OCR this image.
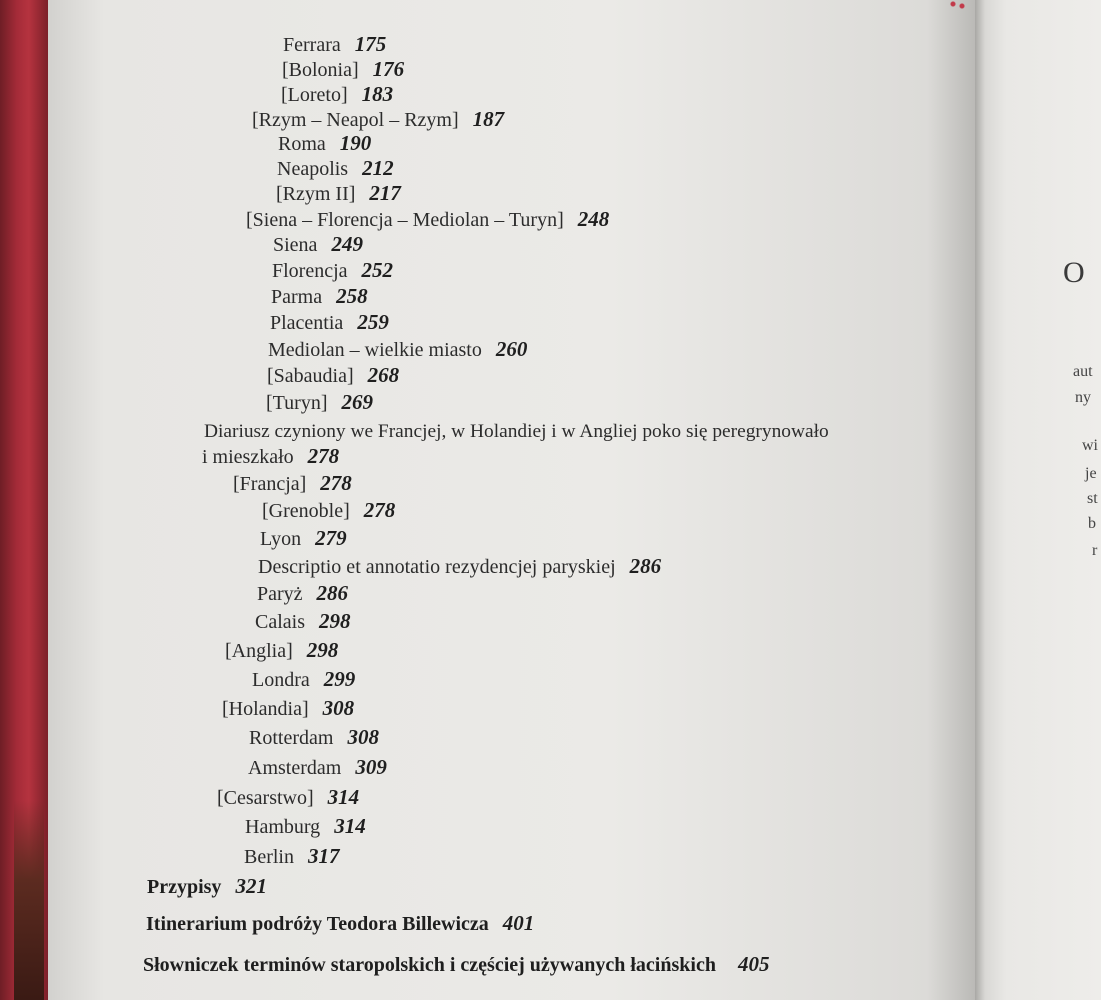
Ferrara 175
[Bolonia] 176
[Loreto] 183
[Rzym – Neapol – Rzym] 187
Roma 190
Neapolis 212
[Rzym II] 217
[Siena – Florencja – Mediolan – Turyn] 248
Siena 249
Florencja 252
Parma 258
Placentia 259
Mediolan – wielkie miasto 260
[Sabaudia] 268
[Turyn] 269
Diariusz czyniony we Francjej, w Holandiej i w Angliej poko się peregrynowało
i mieszkało 278
[Francja] 278
[Grenoble] 278
Lyon 279
Descriptio et annotatio rezydencjej paryskiej 286
Paryż 286
Calais 298
[Anglia] 298
Londra 299
[Holandia] 308
Rotterdam 308
Amsterdam 309
[Cesarstwo] 314
Hamburg 314
Berlin 317
Przypisy 321
Itinerarium podróży Teodora Billewicza 401
Słowniczek terminów staropolskich i częściej używanych łacińskich 405
O
aut
ny
wi
je
st
b
r
